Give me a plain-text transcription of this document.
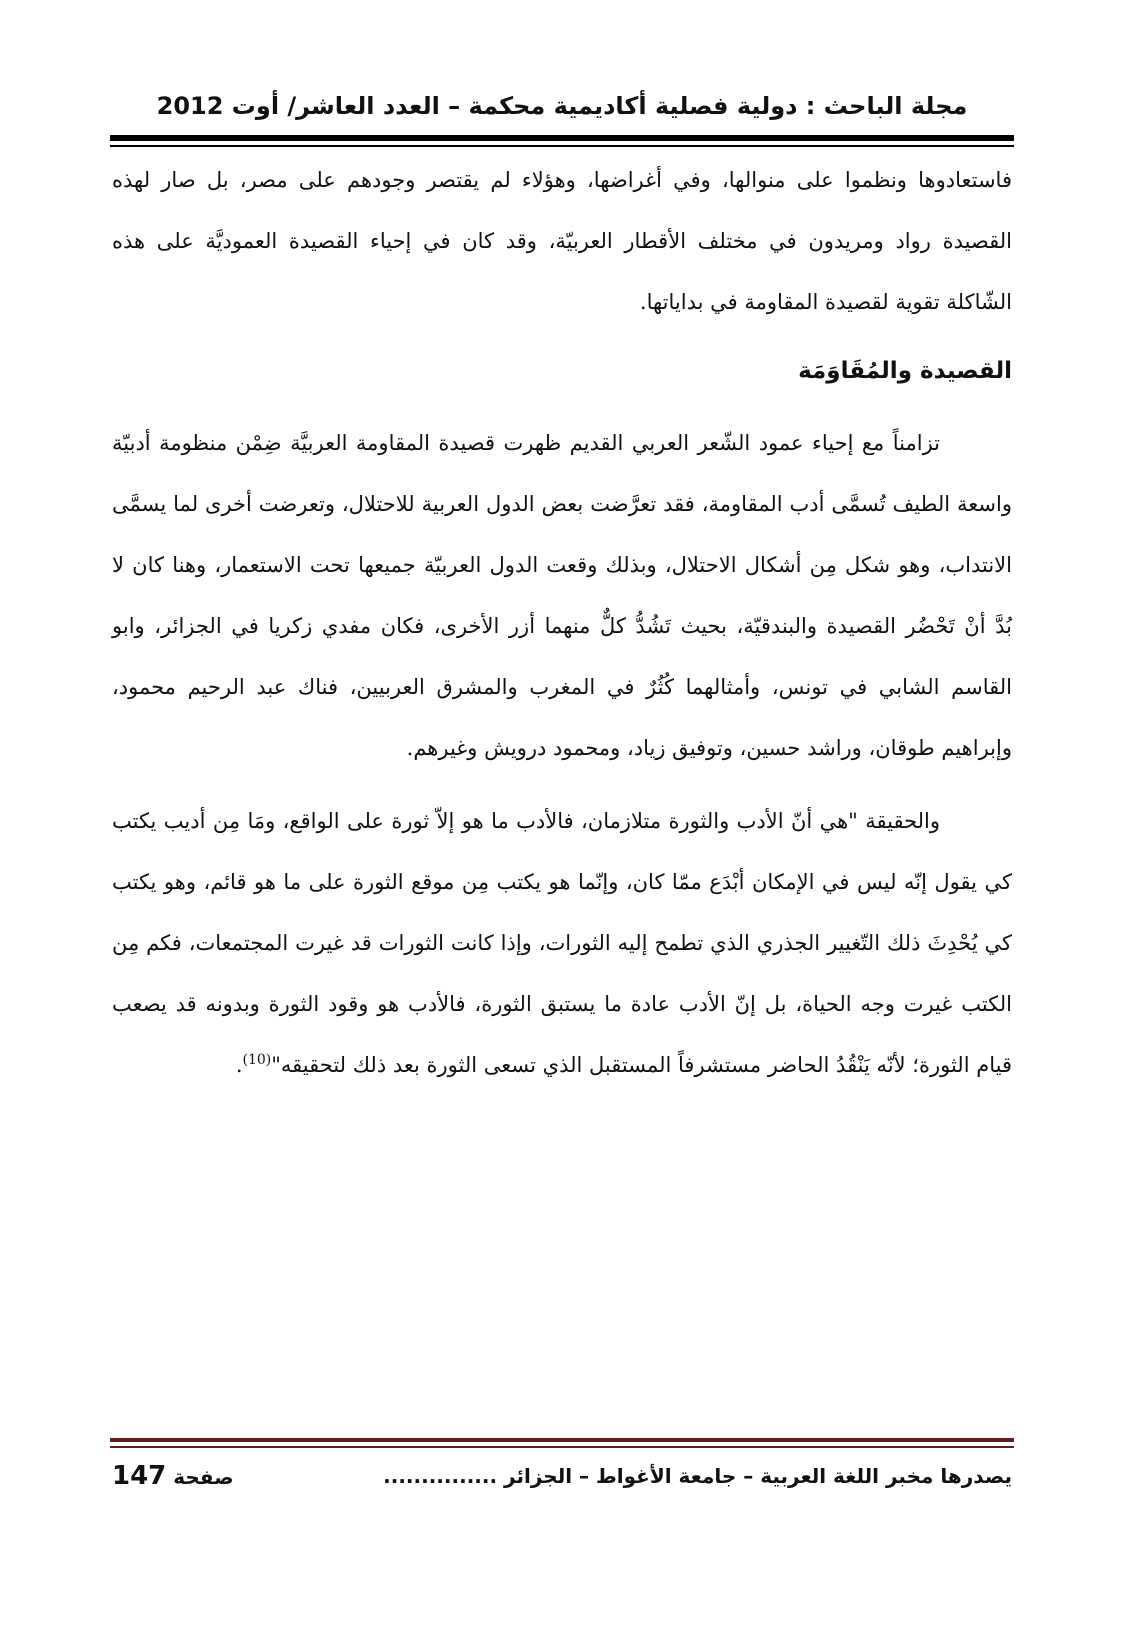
مجلة الباحث : دولية فصلية أكاديمية محكمة – العدد العاشر/ أوت 2012

فاستعادوها ونظموا على منوالها، وفي أغراضها، وهؤلاء لم يقتصر وجودهم على مصر، بل صار لهذه القصيدة رواد ومريدون في مختلف الأقطار العربيّة، وقد كان في إحياء القصيدة العموديَّة على هذه الشّاكلة تقوية لقصيدة المقاومة في بداياتها.

القصيدة والمُقَاوَمَة

تزامناً مع إحياء عمود الشّعر العربي القديم ظهرت قصيدة المقاومة العربيَّة ضِمْن منظومة أدبيّة واسعة الطيف تُسمَّى أدب المقاومة، فقد تعرَّضت بعض الدول العربية للاحتلال، وتعرضت أخرى لما يسمَّى الانتداب، وهو شكل مِن أشكال الاحتلال، وبذلك وقعت الدول العربيّة جميعها تحت الاستعمار، وهنا كان لا بُدَّ أنْ تَحْضُر القصيدة والبندقيّة، بحيث تَشُدُّ كلٌّ منهما أزر الأخرى، فكان مفدي زكريا في الجزائر، وابو القاسم الشابي في تونس، وأمثالهما كُثُرٌ في المغرب والمشرق العربيين، فناك عبد الرحيم محمود، وإبراهيم طوقان، وراشد حسين، وتوفيق زياد، ومحمود درويش وغيرهم.

والحقيقة "هي أنّ الأدب والثورة متلازمان، فالأدب ما هو إلاّ ثورة على الواقع، ومَا مِن أديب يكتب كي يقول إنّه ليس في الإمكان أبْدَع ممّا كان، وإنّما هو يكتب مِن موقع الثورة على ما هو قائم، وهو يكتب كي يُحْدِثَ ذلك التّغيير الجذري الذي تطمح إليه الثورات، وإذا كانت الثورات قد غيرت المجتمعات، فكم مِن الكتب غيرت وجه الحياة، بل إنّ الأدب عادة ما يستبق الثورة، فالأدب هو وقود الثورة وبدونه قد يصعب قيام الثورة؛ لأنّه يَنْقُدُ الحاضر مستشرفاً المستقبل الذي تسعى الثورة بعد ذلك لتحقيقه"$^{(10)}$.

يصدرها مخبر اللغة العربية – جامعة الأغواط – الجزائر ...............
صفحة 147
